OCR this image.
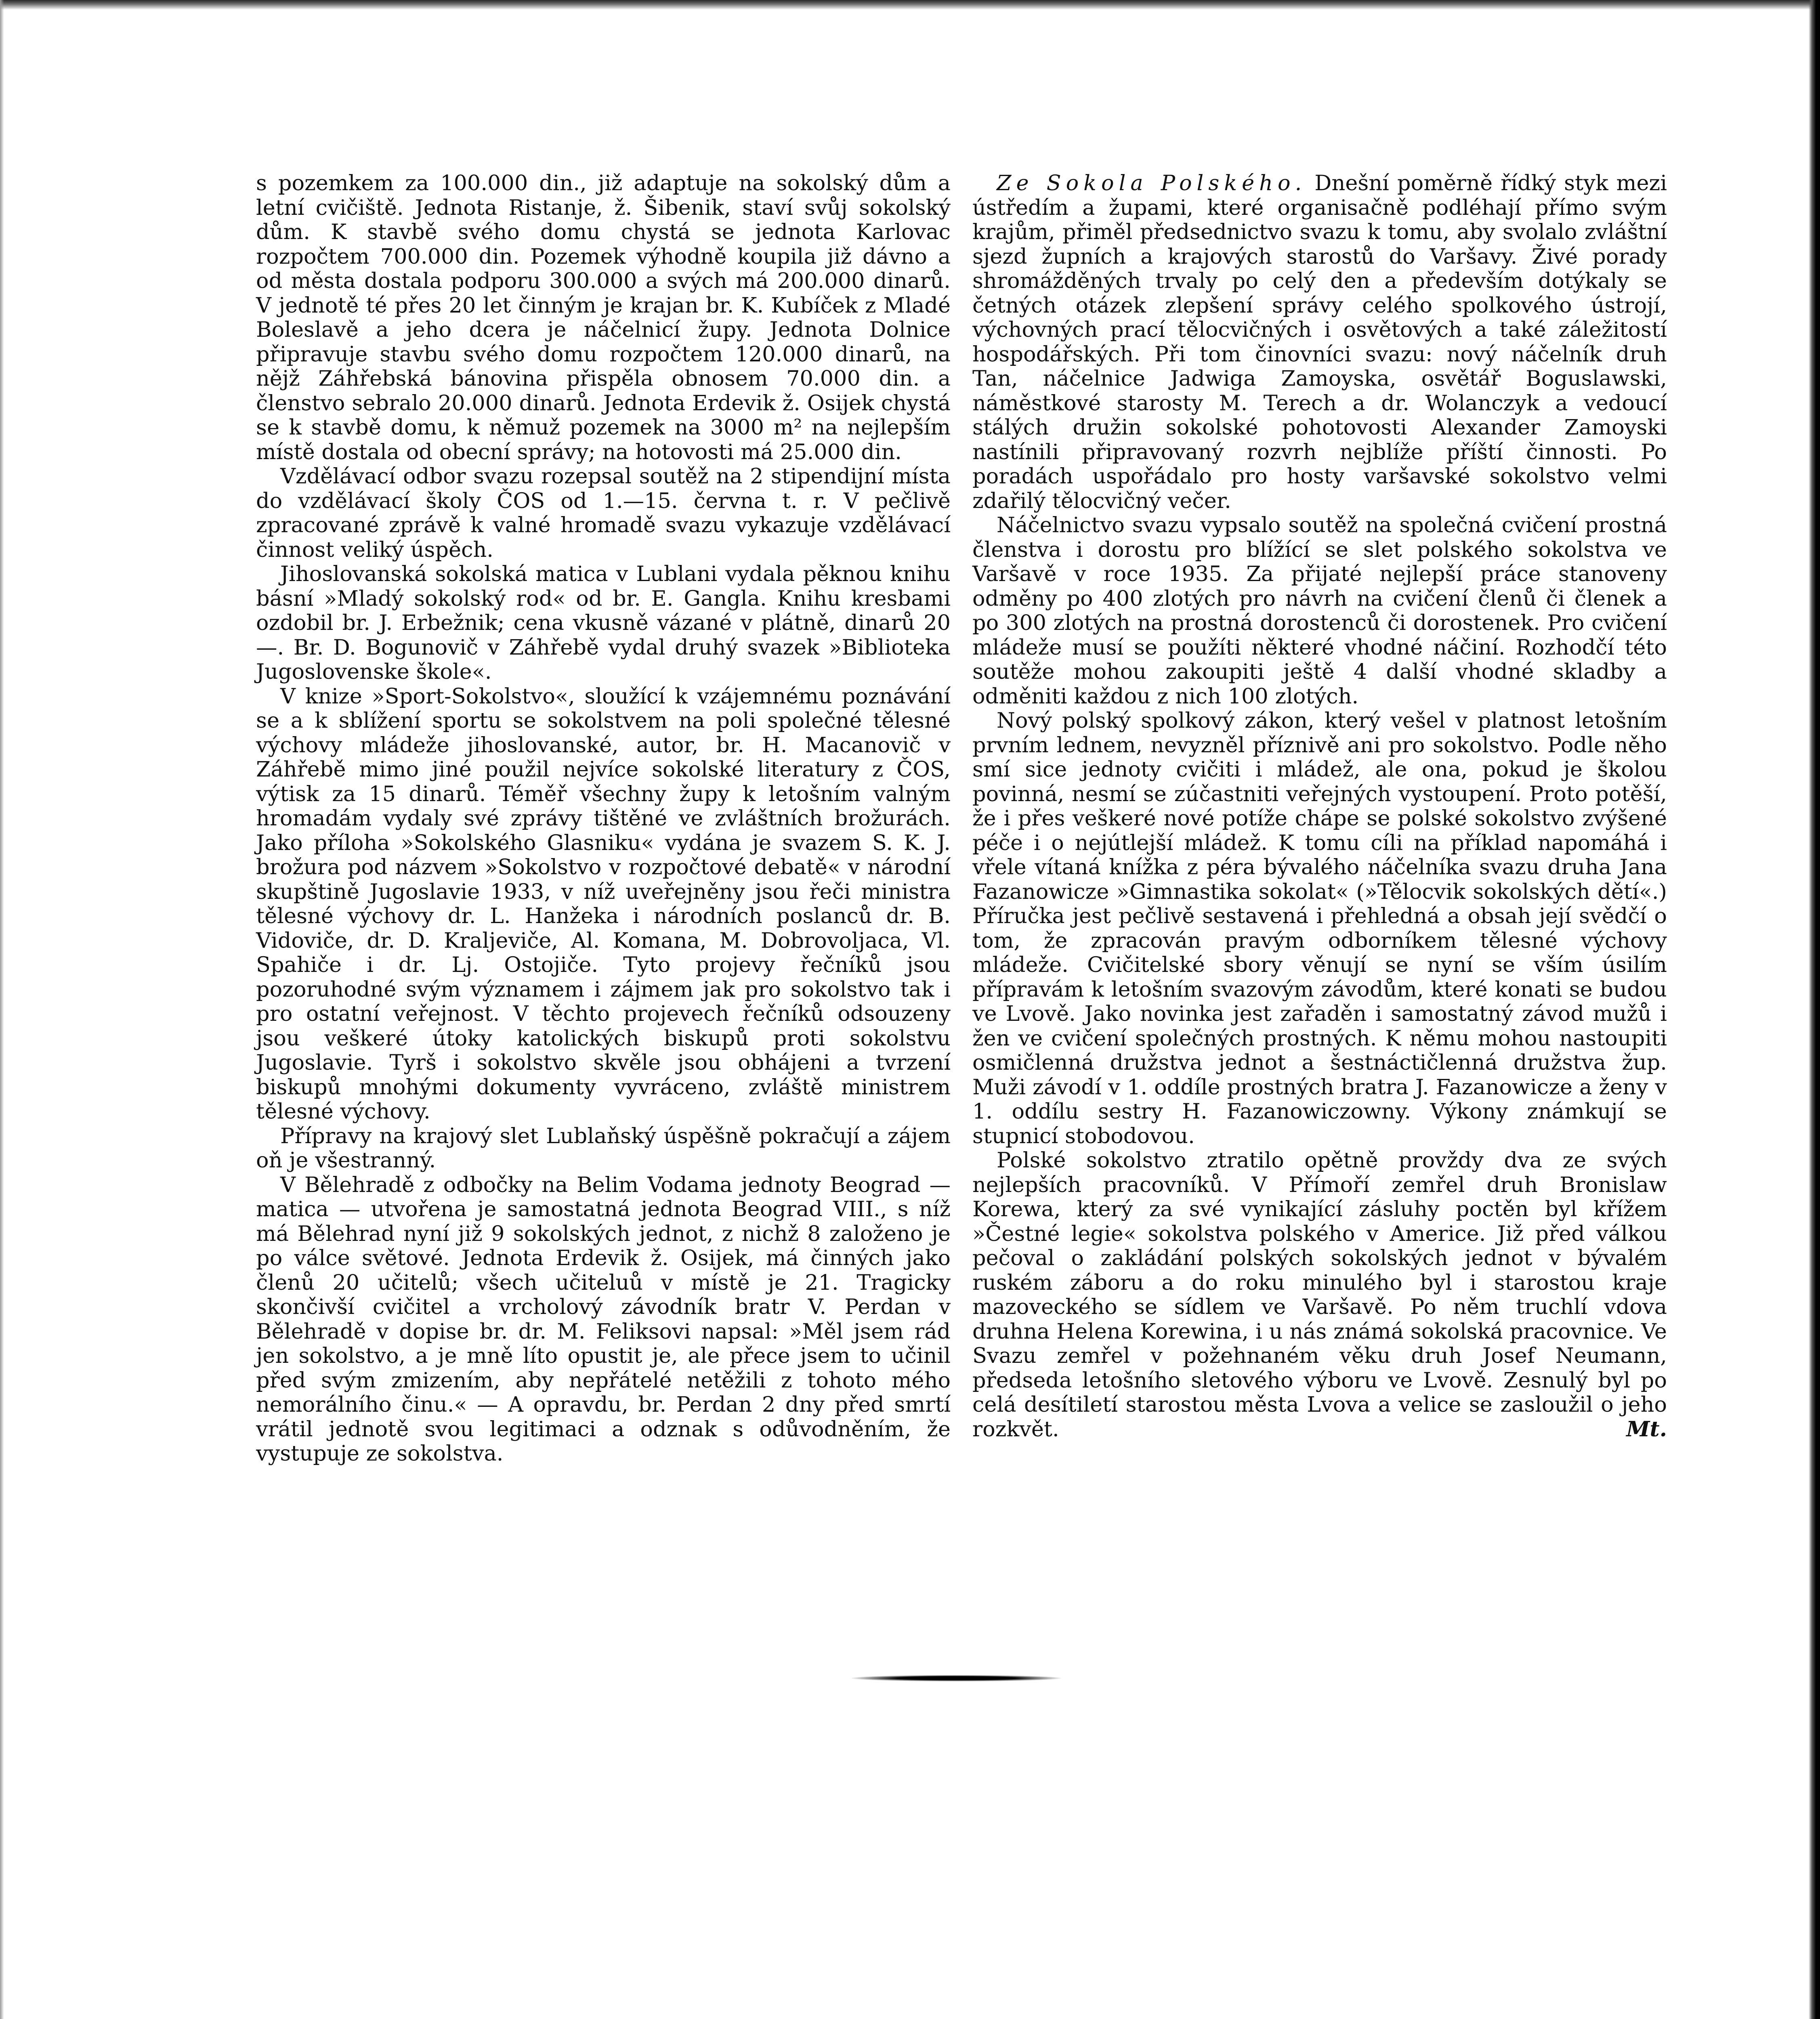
s pozemkem za 100.000 din., již adaptuje na sokolský dům a letní cvičiště. Jednota Ristanje, ž. Šibenik, staví svůj sokolský dům. K stavbě svého domu chystá se jednota Karlovac rozpočtem 700.000 din. Pozemek výhodně koupila již dávno a od města dostala podporu 300.000 a svých má 200.000 dinarů. V jednotě té přes 20 let činným je krajan br. K. Kubíček z Mladé Boleslavě a jeho dcera je náčelnicí župy. Jednota Dolnice připravuje stavbu svého domu rozpočtem 120.000 dinarů, na nějž Záhřebská bánovina přispěla obnosem 70.000 din. a členstvo sebralo 20.000 dinarů. Jednota Erdevik ž. Osijek chystá se k stavbě domu, k němuž pozemek na 3000 m² na nejlepším místě dostala od obecní správy; na hotovosti má 25.000 din.

Vzdělávací odbor svazu rozepsal soutěž na 2 stipendijní místa do vzdělávací školy ČOS od 1.—15. června t. r. V pečlivě zpracované zprávě k valné hromadě svazu vykazuje vzdělávací činnost veliký úspěch.

Jihoslovanská sokolská matica v Lublani vydala pěknou knihu básní »Mladý sokolský rod« od br. E. Gangla. Knihu kresbami ozdobil br. J. Erbežnik; cena vkusně vázané v plátně, dinarů 20—. Br. D. Bogunovič v Záhřebě vydal druhý svazek »Biblioteka Jugoslovenske škole«.

V knize »Sport-Sokolstvo«, sloužící k vzájemnému poznávání se a k sblížení sportu se sokolstvem na poli společné tělesné výchovy mládeže jihoslovanské, autor, br. H. Macanovič v Záhřebě mimo jiné použil nejvíce sokolské literatury z ČOS, výtisk za 15 dinarů. Téměř všechny župy k letošním valným hromadám vydaly své zprávy tištěné ve zvláštních brožurách. Jako příloha »Sokolského Glasniku« vydána je svazem S. K. J. brožura pod názvem »Sokolstvo v rozpočtové debatě« v národní skupštině Jugoslavie 1933, v níž uveřejněny jsou řeči ministra tělesné výchovy dr. L. Hanžeka i národních poslanců dr. B. Vidoviče, dr. D. Kraljeviče, Al. Komana, M. Dobrovoljaca, Vl. Spahiče i dr. Lj. Ostojiče. Tyto projevy řečníků jsou pozoruhodné svým významem i zájmem jak pro sokolstvo tak i pro ostatní veřejnost. V těchto projevech řečníků odsouzeny jsou veškeré útoky katolických biskupů proti sokolstvu Jugoslavie. Tyrš i sokolstvo skvěle jsou obhájeni a tvrzení biskupů mnohými dokumenty vyvráceno, zvláště ministrem tělesné výchovy.

Přípravy na krajový slet Lublaňský úspěšně pokračují a zájem oň je všestranný.

V Bělehradě z odbočky na Belim Vodama jednoty Beograd — matica — utvořena je samostatná jednota Beograd VIII., s níž má Bělehrad nyní již 9 sokolských jednot, z nichž 8 založeno je po válce světové. Jednota Erdevik ž. Osijek, má činných jako členů 20 učitelů; všech učiteluů v místě je 21. Tragicky skončivší cvičitel a vrcholový závodník bratr V. Perdan v Bělehradě v dopise br. dr. M. Feliksovi napsal: »Měl jsem rád jen sokolstvo, a je mně líto opustit je, ale přece jsem to učinil před svým zmizením, aby nepřátelé netěžili z tohoto mého nemorálního činu.« — A opravdu, br. Perdan 2 dny před smrtí vrátil jednotě svou legitimaci a odznak s odůvodněním, že vystupuje ze sokolstva.

Ze Sokola Polského. Dnešní poměrně řídký styk mezi ústředím a župami, které organisačně podléhají přímo svým krajům, přiměl předsednictvo svazu k tomu, aby svolalo zvláštní sjezd župních a krajových starostů do Varšavy. Živé porady shromážděných trvaly po celý den a především dotýkaly se četných otázek zlepšení správy celého spolkového ústrojí, výchovných prací tělocvičných i osvětových a také záležitostí hospodářských. Při tom činovníci svazu: nový náčelník druh Tan, náčelnice Jadwiga Zamoyska, osvětář Boguslawski, náměstkové starosty M. Terech a dr. Wolanczyk a vedoucí stálých družin sokolské pohotovosti Alexander Zamoyski nastínili připravovaný rozvrh nejblíže příští činnosti. Po poradách uspořádalo pro hosty varšavské sokolstvo velmi zdařilý tělocvičný večer.

Náčelnictvo svazu vypsalo soutěž na společná cvičení prostná členstva i dorostu pro blížící se slet polského sokolstva ve Varšavě v roce 1935. Za přijaté nejlepší práce stanoveny odměny po 400 zlotých pro návrh na cvičení členů či členek a po 300 zlotých na prostná dorostenců či dorostenek. Pro cvičení mládeže musí se použíti některé vhodné náčiní. Rozhodčí této soutěže mohou zakoupiti ještě 4 další vhodné skladby a odměniti každou z nich 100 zlotých.

Nový polský spolkový zákon, který vešel v platnost letošním prvním lednem, nevyzněl příznivě ani pro sokolstvo. Podle něho smí sice jednoty cvičiti i mládež, ale ona, pokud je školou povinná, nesmí se zúčastniti veřejných vystoupení. Proto potěší, že i přes veškeré nové potíže chápe se polské sokolstvo zvýšené péče i o nejútlejší mládež. K tomu cíli na příklad napomáhá i vřele vítaná knížka z péra bývalého náčelníka svazu druha Jana Fazanowicze »Gimnastika sokolat« (»Tělocvik sokolských dětí«.) Příručka jest pečlivě sestavená i přehledná a obsah její svědčí o tom, že zpracován pravým odborníkem tělesné výchovy mládeže. Cvičitelské sbory věnují se nyní se vším úsilím přípravám k letošním svazovým závodům, které konati se budou ve Lvově. Jako novinka jest zařaděn i samostatný závod mužů i žen ve cvičení společných prostných. K němu mohou nastoupiti osmičlenná družstva jednot a šestnáctičlenná družstva žup. Muži závodí v 1. oddíle prostných bratra J. Fazanowicze a ženy v 1. oddílu sestry H. Fazanowiczowny. Výkony známkují se stupnicí stobodovou.

Polské sokolstvo ztratilo opětně provždy dva ze svých nejlepších pracovníků. V Přímoří zemřel druh Bronislaw Korewa, který za své vynikající zásluhy poctěn byl křížem »Čestné legie« sokolstva polského v Americe. Již před válkou pečoval o zakládání polských sokolských jednot v bývalém ruském záboru a do roku minulého byl i starostou kraje mazoveckého se sídlem ve Varšavě. Po něm truchlí vdova druhna Helena Korewina, i u nás známá sokolská pracovnice. Ve Svazu zemřel v požehnaném věku druh Josef Neumann, předseda letošního sletového výboru ve Lvově. Zesnulý byl po celá desítiletí starostou města Lvova a velice se zasloužil o jeho rozkvět.	Mt.
